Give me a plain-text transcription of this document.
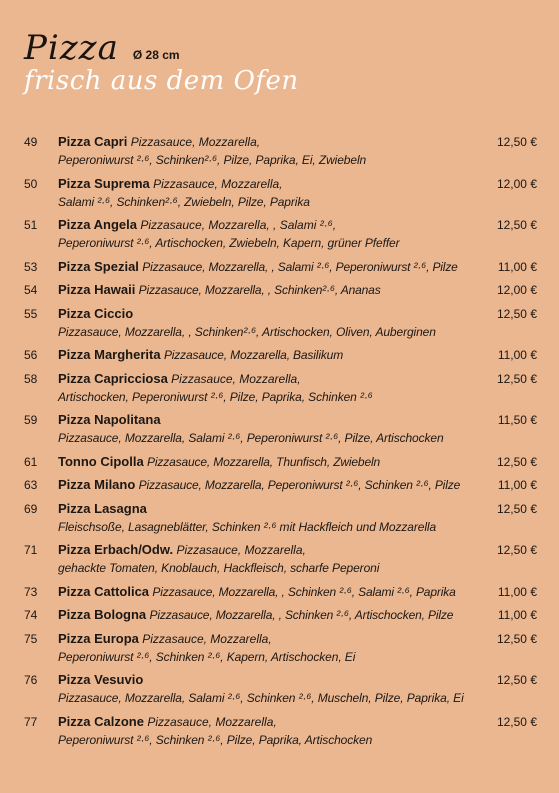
Pizza Ø 28 cm
frisch aus dem Ofen
49	Pizza Capri Pizzasauce, Mozzarella,
Peperoniwurst ²·⁶, Schinken²·⁶, Pilze, Paprika, Ei, Zwiebeln
12,50 €
50	Pizza Suprema Pizzasauce, Mozzarella,
Salami ²·⁶, Schinken²·⁶, Zwiebeln, Pilze, Paprika
12,00 €
51	Pizza Angela Pizzasauce, Mozzarella, , Salami ²·⁶,
Peperoniwurst ²·⁶, Artischocken, Zwiebeln, Kapern, grüner Pfeffer
12,50 €
53	Pizza Spezial Pizzasauce, Mozzarella, , Salami ²·⁶, Peperoniwurst ²·⁶, Pilze	11,00 €
54	Pizza Hawaii Pizzasauce, Mozzarella, , Schinken²·⁶, Ananas	12,00 €
55	Pizza Ciccio
Pizzasauce, Mozzarella, , Schinken²·⁶, Artischocken, Oliven, Auberginen
12,50 €
56	Pizza Margherita Pizzasauce, Mozzarella, Basilikum	11,00 €
58	Pizza Capricciosa Pizzasauce, Mozzarella,
Artischocken, Peperoniwurst ²·⁶, Pilze, Paprika, Schinken ²·⁶
12,50 €
59	Pizza Napolitana
Pizzasauce, Mozzarella, Salami ²·⁶, Peperoniwurst ²·⁶, Pilze, Artischocken
11,50 €
61	Tonno Cipolla Pizzasauce, Mozzarella, Thunfisch, Zwiebeln	12,50 €
63	Pizza Milano Pizzasauce, Mozzarella, Peperoniwurst ²·⁶, Schinken ²·⁶, Pilze	11,00 €
69	Pizza Lasagna
Fleischsoße, Lasagneblätter, Schinken ²·⁶ mit Hackfleich und Mozzarella
12,50 €
71	Pizza Erbach/Odw. Pizzasauce, Mozzarella,
gehackte Tomaten, Knoblauch, Hackfleisch, scharfe Peperoni
12,50 €
73	Pizza Cattolica Pizzasauce, Mozzarella, , Schinken ²·⁶, Salami ²·⁶, Paprika	11,00 €
74	Pizza Bologna Pizzasauce, Mozzarella, , Schinken ²·⁶, Artischocken, Pilze	11,00 €
75	Pizza Europa Pizzasauce, Mozzarella,
Peperoniwurst ²·⁶, Schinken ²·⁶, Kapern, Artischocken, Ei
12,50 €
76	Pizza Vesuvio
Pizzasauce, Mozzarella, Salami ²·⁶, Schinken ²·⁶, Muscheln, Pilze, Paprika, Ei
12,50 €
77	Pizza Calzone Pizzasauce, Mozzarella,
Peperoniwurst ²·⁶, Schinken ²·⁶, Pilze, Paprika, Artischocken
12,50 €
